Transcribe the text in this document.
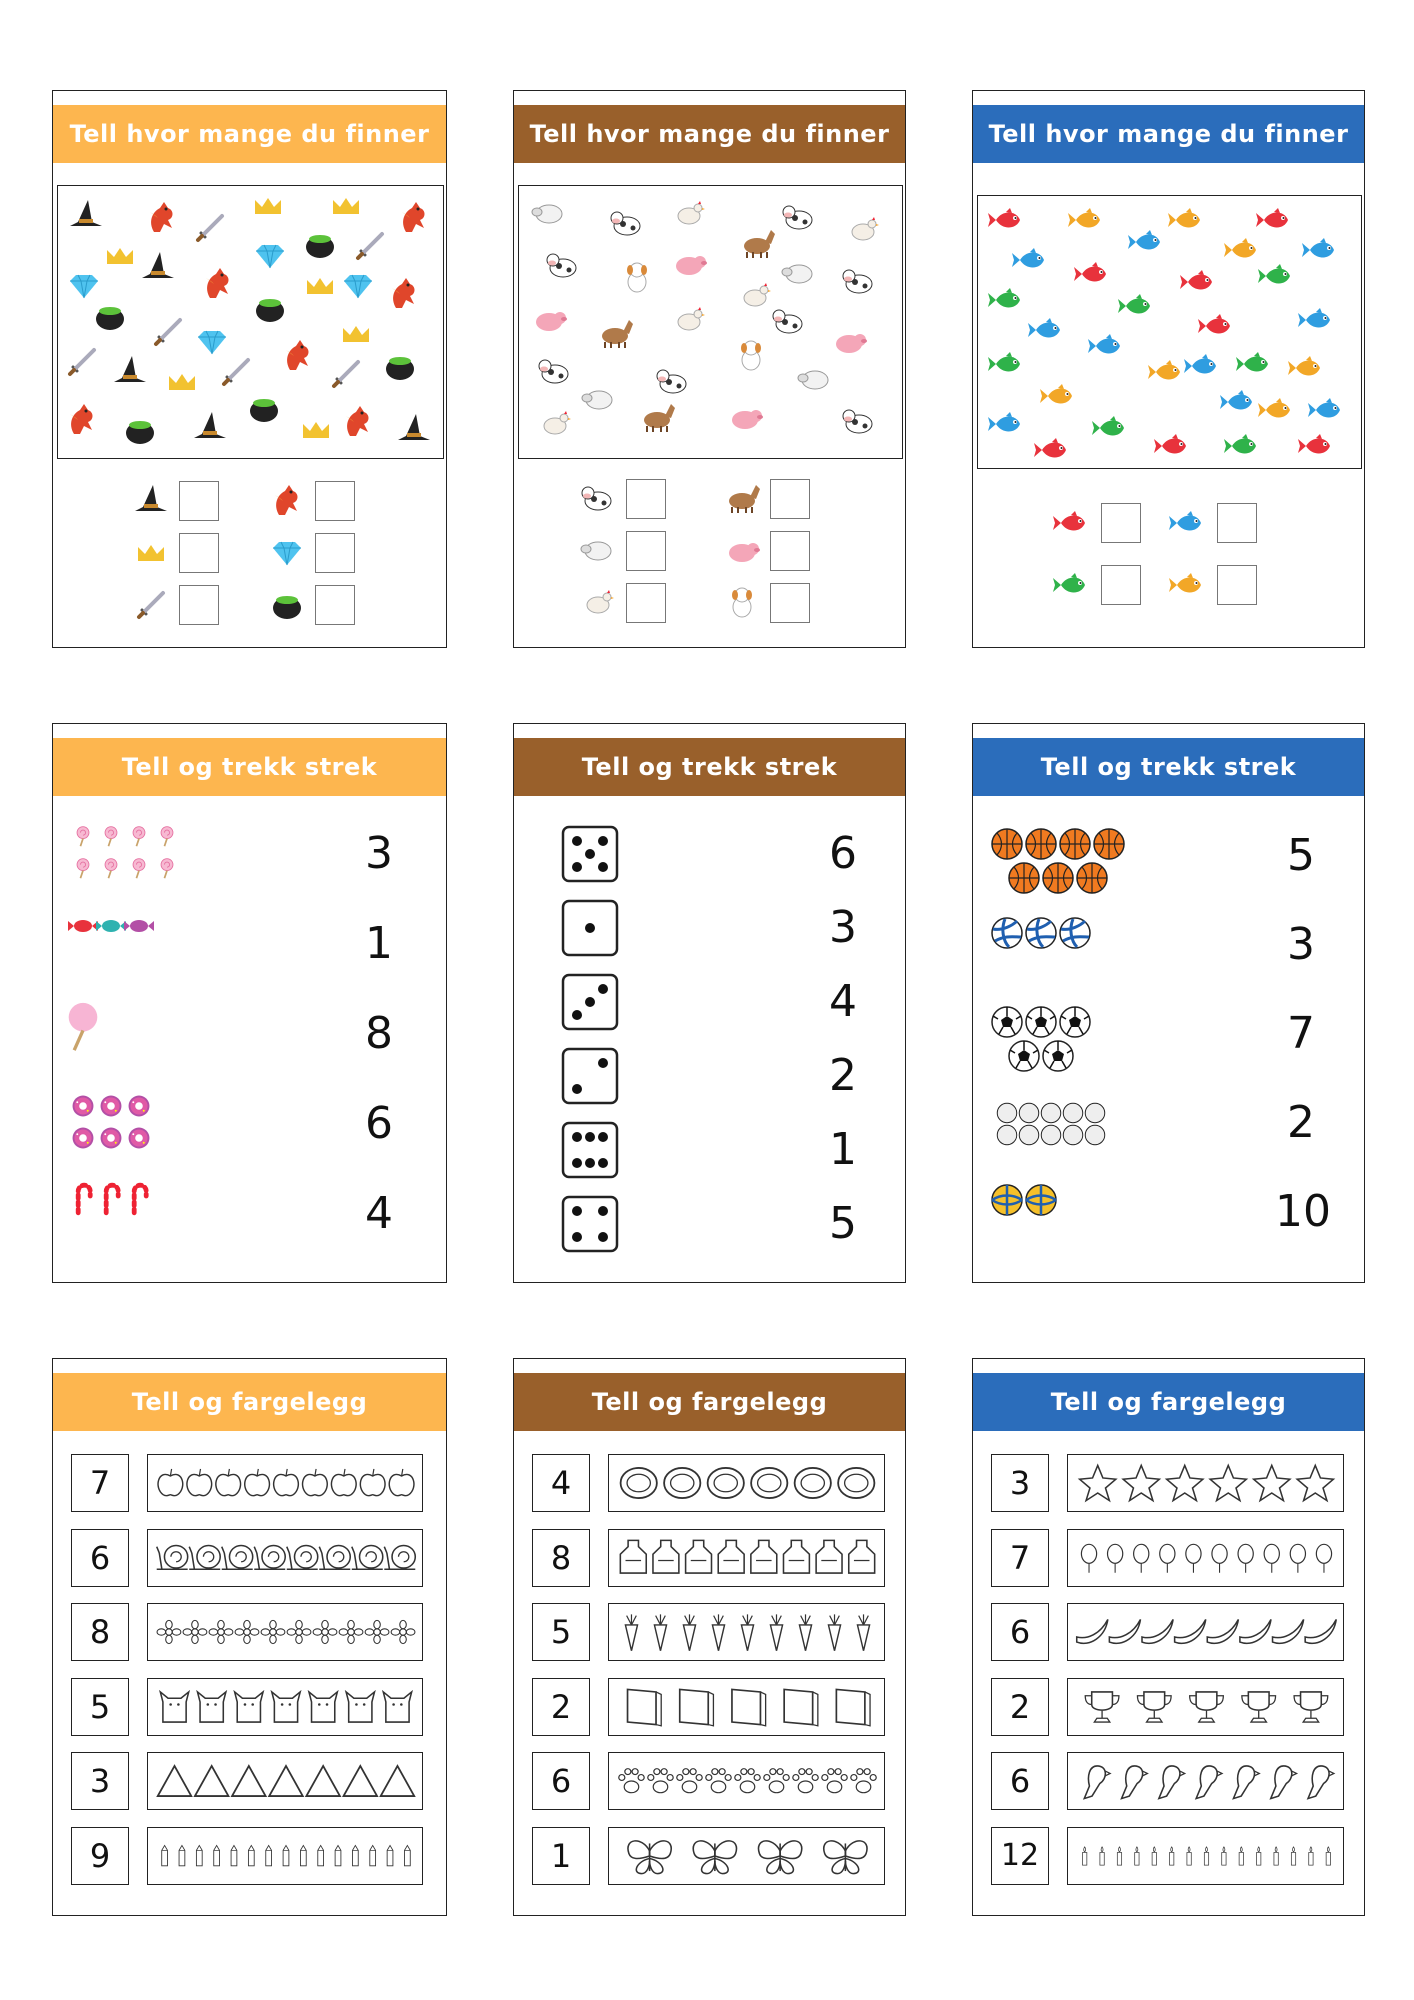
Tell hvor mange du finner	Tell hvor mange du finner	Tell hvor mange du finner
Tell og trekk strek
3
1
8
6
4
Tell og trekk strek
6
3
4
2
1
5
Tell og trekk strek
5
3
7
2
10
Tell og fargelegg
7
6
8
5
3
9
Tell og fargelegg
4
8
5
2
6
1
Tell og fargelegg
3
7
6
2
6
12
